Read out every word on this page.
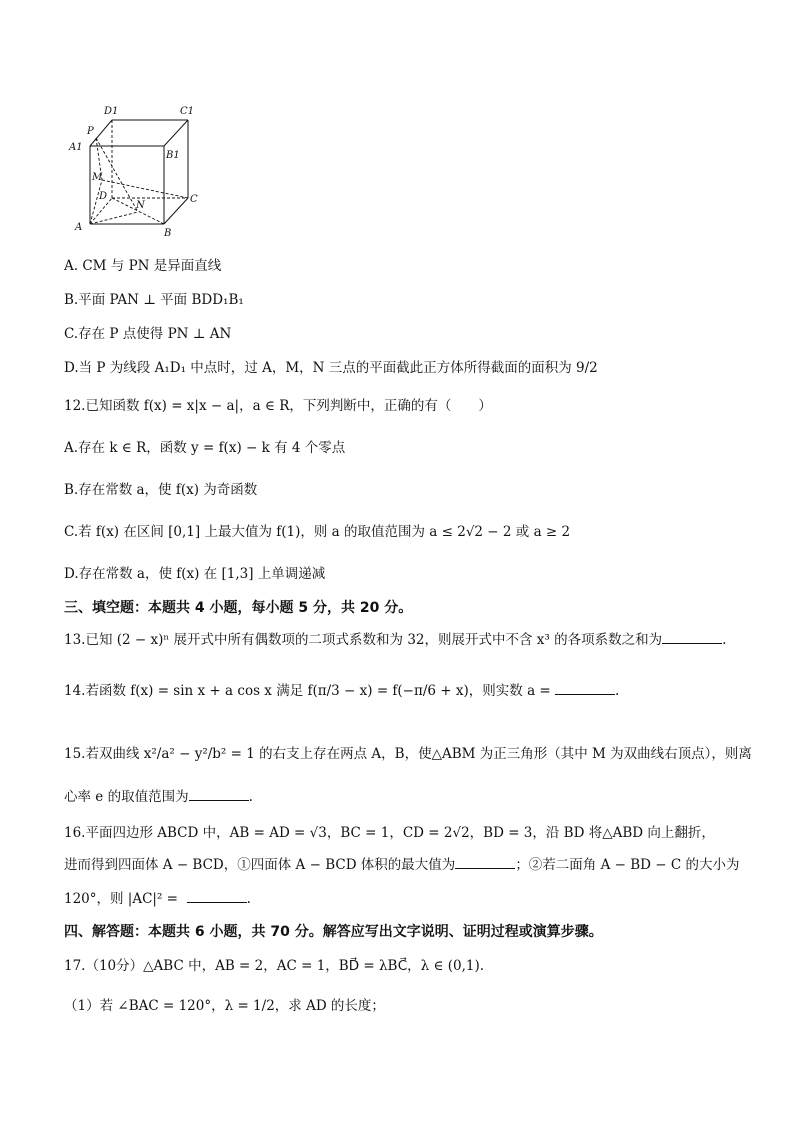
D1	C1
A1
B1
P
M
D	C
N
A
B
A. CM 与 PN 是异面直线
B.平面 PAN ⊥ 平面 BDD₁B₁
C.存在 P 点使得 PN ⊥ AN
D.当 P 为线段 A₁D₁ 中点时，过 A，M，N 三点的平面截此正方体所得截面的面积为 9/2
12.已知函数 f(x) = x|x − a|，a ∈ R，下列判断中，正确的有（　　）
A.存在 k ∈ R，函数 y = f(x) − k 有 4 个零点
B.存在常数 a，使 f(x) 为奇函数
C.若 f(x) 在区间 [0,1] 上最大值为 f(1)，则 a 的取值范围为 a ≤ 2√2 − 2 或 a ≥ 2
D.存在常数 a，使 f(x) 在 [1,3] 上单调递减
三、填空题：本题共 4 小题，每小题 5 分，共 20 分。
13.已知 (2 − x)ⁿ 展开式中所有偶数项的二项式系数和为 32，则展开式中不含 x³ 的各项系数之和为	.
14.若函数 f(x) = sin x + a cos x 满足 f(π/3 − x) = f(−π/6 + x)，则实数 a =	.
15.若双曲线 x²/a² − y²/b² = 1 的右支上存在两点 A，B，使△ABM 为正三角形（其中 M 为双曲线右顶点），则离
心率 e 的取值范围为	.
16.平面四边形 ABCD 中，AB = AD = √3，BC = 1，CD = 2√2，BD = 3，沿 BD 将△ABD 向上翻折，
进而得到四面体 A − BCD，①四面体 A − BCD 体积的最大值为	；②若二面角 A − BD − C 的大小为
120°，则 |AC|² =	.
四、解答题：本题共 6 小题，共 70 分。解答应写出文字说明、证明过程或演算步骤。
17.（10分）△ABC 中，AB = 2，AC = 1，BD⃗ = λBC⃗，λ ∈ (0,1).
（1）若 ∠BAC = 120°，λ = 1/2，求 AD 的长度；
